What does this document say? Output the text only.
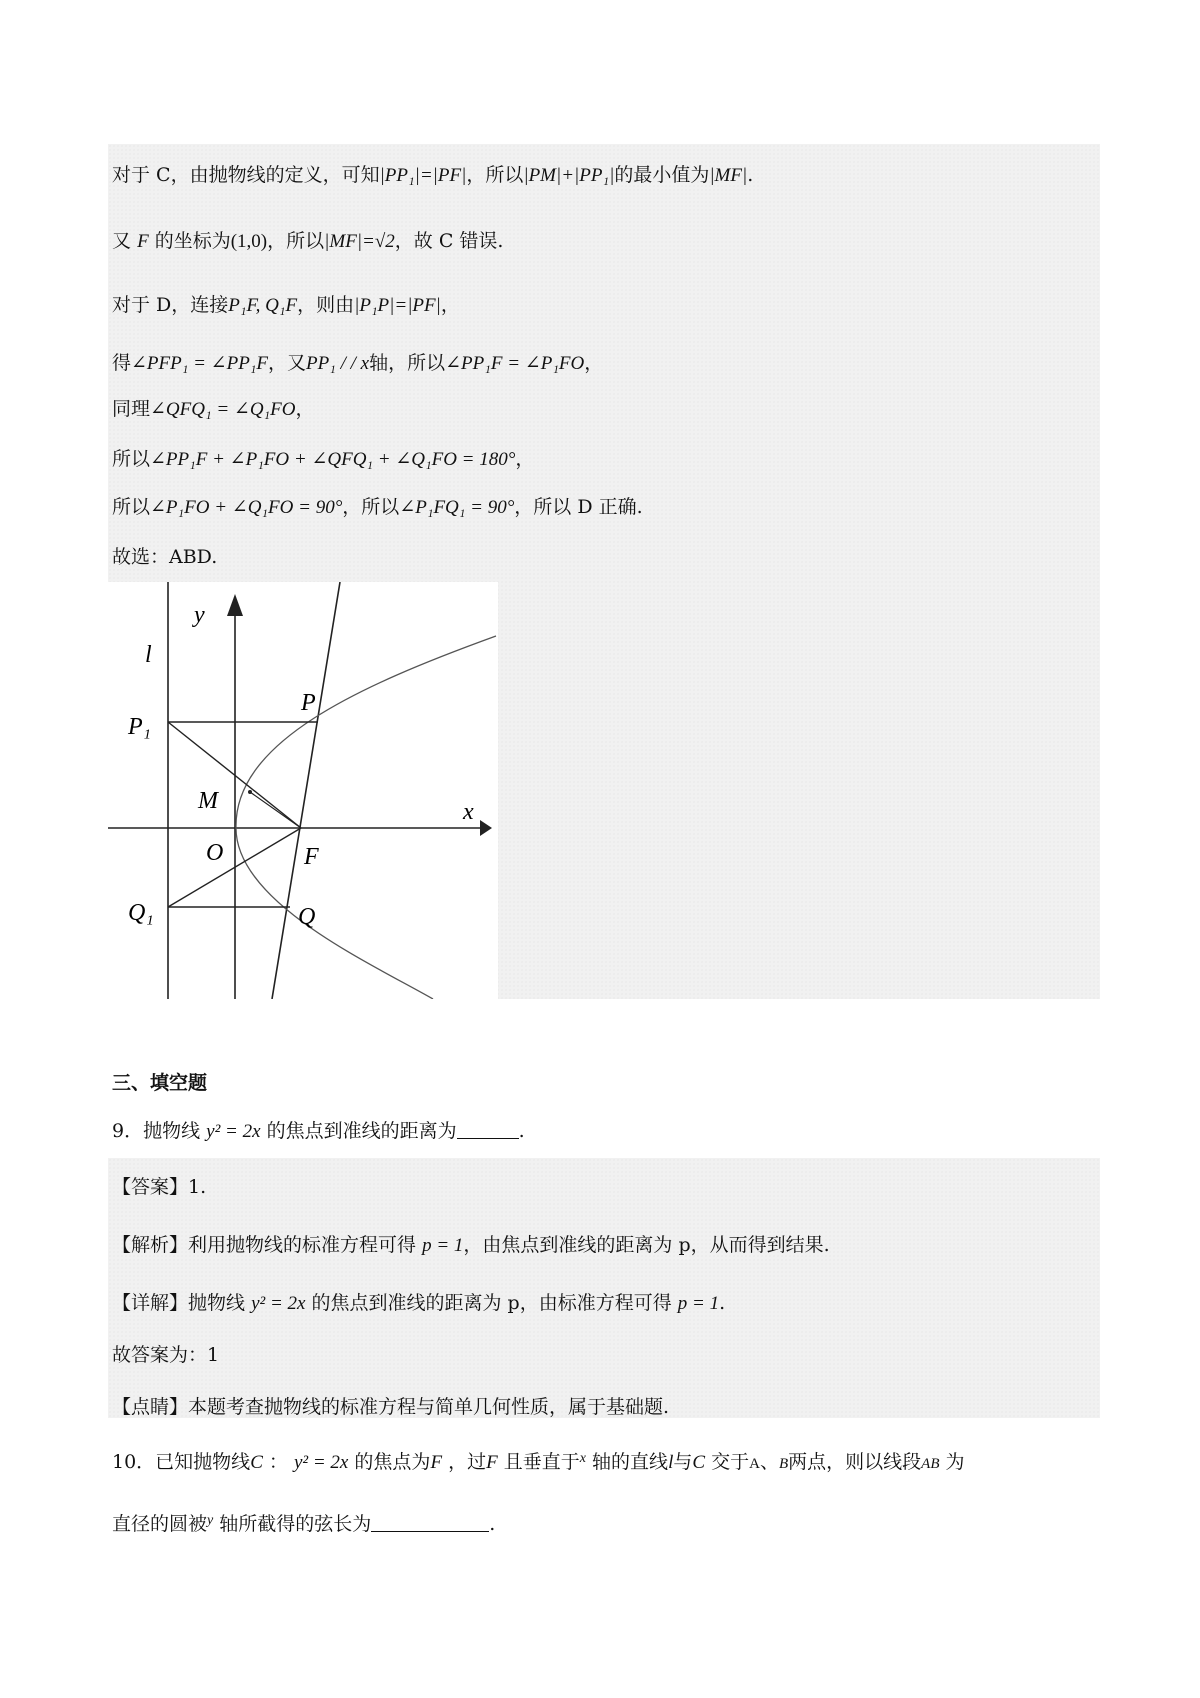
对于 C，由抛物线的定义，可知|PP₁|=|PF|，所以|PM|+|PP₁|的最小值为|MF|.
又 F 的坐标为(1,0)，所以|MF|=√2，故 C 错误.
对于 D，连接P₁F, Q₁F，则由|P₁P|=|PF|，
得∠PFP₁ = ∠PP₁F，又PP₁ / / x轴，所以∠PP₁F = ∠P₁FO，
同理∠QFQ₁ = ∠Q₁FO，
所以∠PP₁F + ∠P₁FO + ∠QFQ₁ + ∠Q₁FO = 180°，
所以∠P₁FO + ∠Q₁FO = 90°，所以∠P₁FQ₁ = 90°，所以 D 正确.
故选：ABD.
y
x
l
P
P₁
M
O	F
Q₁	Q
三、填空题
9．抛物线 y² = 2x 的焦点到准线的距离为	.
【答案】1.
【解析】利用抛物线的标准方程可得 p = 1，由焦点到准线的距离为 p，从而得到结果.
【详解】抛物线 y² = 2x 的焦点到准线的距离为 p，由标准方程可得 p = 1.
故答案为：1
【点睛】本题考查抛物线的标准方程与简单几何性质，属于基础题.
10．已知抛物线C ： y² = 2x 的焦点为F ，过F 且垂直于$^x$ 轴的直线l与C 交于A、B两点，则以线段AB 为
直径的圆被$^y$ 轴所截得的弦长为	.
